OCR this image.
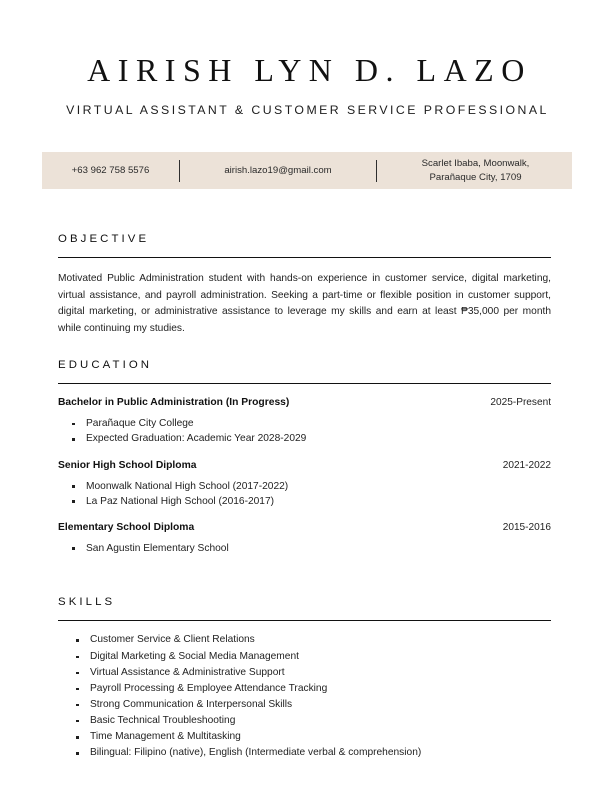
AIRISH LYN D. LAZO
VIRTUAL ASSISTANT & CUSTOMER SERVICE PROFESSIONAL
+63 962 758 5576	airish.lazo19@gmail.com
Scarlet Ibaba, Moonwalk,
Parañaque City, 1709
OBJECTIVE

Motivated Public Administration student with hands-on experience in customer service, digital marketing, virtual assistance, and payroll administration. Seeking a part-time or flexible position in customer support, digital marketing, or administrative assistance to leverage my skills and earn at least ₱35,000 per month while continuing my studies.

EDUCATION
Bachelor in Public Administration (In Progress)	2025-Present
Parañaque City College
Expected Graduation: Academic Year 2028-2029
Senior High School Diploma	2021-2022
Moonwalk National High School (2017-2022)
La Paz National High School (2016-2017)
Elementary School Diploma	2015-2016
San Agustin Elementary School
SKILLS
Customer Service & Client Relations
Digital Marketing & Social Media Management
Virtual Assistance & Administrative Support
Payroll Processing & Employee Attendance Tracking
Strong Communication & Interpersonal Skills
Basic Technical Troubleshooting
Time Management & Multitasking
Bilingual: Filipino (native), English (Intermediate verbal & comprehension)
